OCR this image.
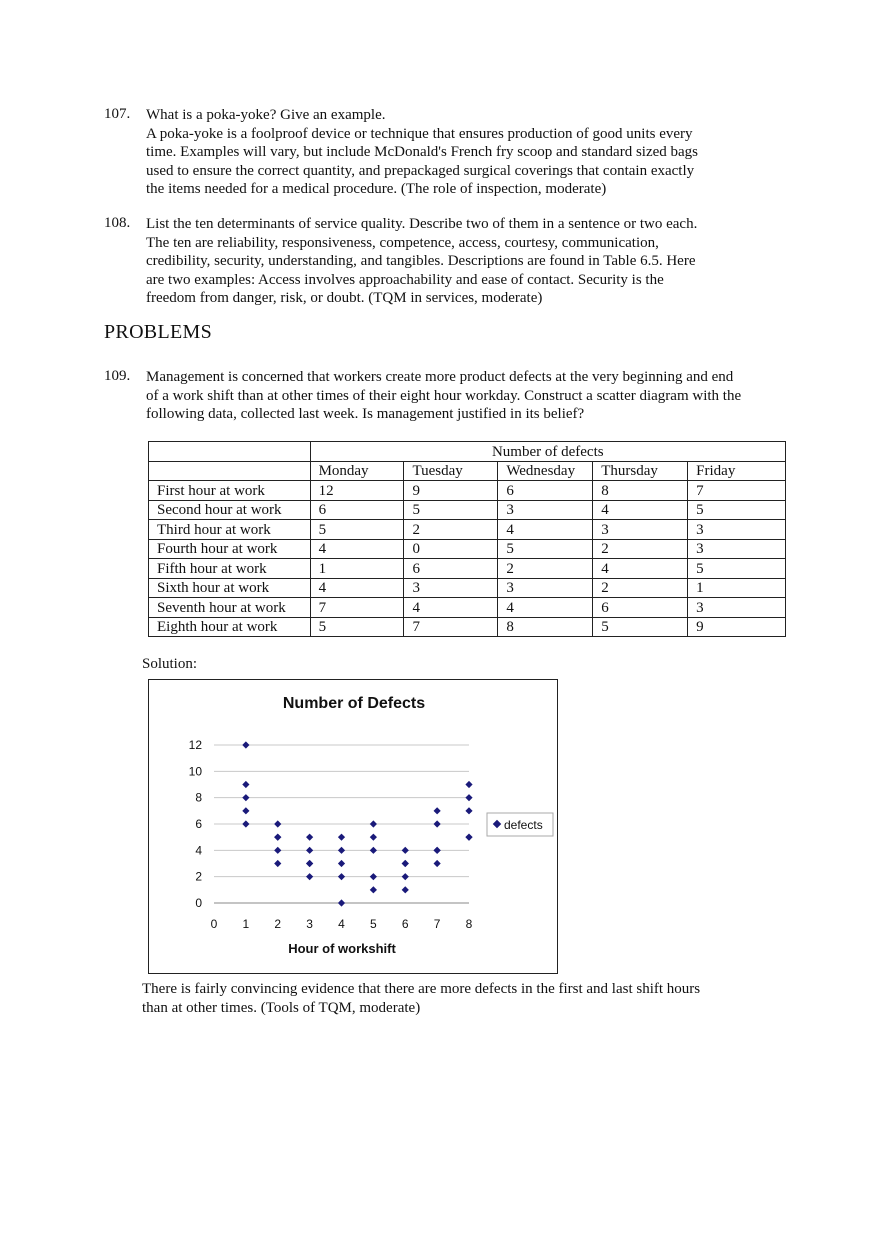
107. What is a poka-yoke? Give an example.

A poka-yoke is a foolproof device or technique that ensures production of good units every

time. Examples will vary, but include McDonald's French fry scoop and standard sized bags

used to ensure the correct quantity, and prepackaged surgical coverings that contain exactly

the items needed for a medical procedure. (The role of inspection, moderate)

108. List the ten determinants of service quality. Describe two of them in a sentence or two each.

The ten are reliability, responsiveness, competence, access, courtesy, communication,

credibility, security, understanding, and tangibles. Descriptions are found in Table 6.5. Here

are two examples: Access involves approachability and ease of contact. Security is the

freedom from danger, risk, or doubt. (TQM in services, moderate)

PROBLEMS
109. Management is concerned that workers create more product defects at the very beginning and end

of a work shift than at other times of their eight hour workday. Construct a scatter diagram with the

following data, collected last week. Is management justified in its belief?

	Number of defects				
	Monday	Tuesday	Wednesday	Thursday	Friday
First hour at work	12	9	6	8	7
Second hour at work	6	5	3	4	5
Third hour at work	5	2	4	3	3
Fourth hour at work	4	0	5	2	3
Fifth hour at work	1	6	2	4	5
Sixth hour at work	4	3	3	2	1
Seventh hour at work	7	4	4	6	3
Eighth hour at work	5	7	8	5	9
Solution:
Number of Defects
0
2
4
6
8
10
12
0 1 2 3 4 5 6 7 8
Hour of workshift
defects

There is fairly convincing evidence that there are more defects in the first and last shift hours

than at other times. (Tools of TQM, moderate)
